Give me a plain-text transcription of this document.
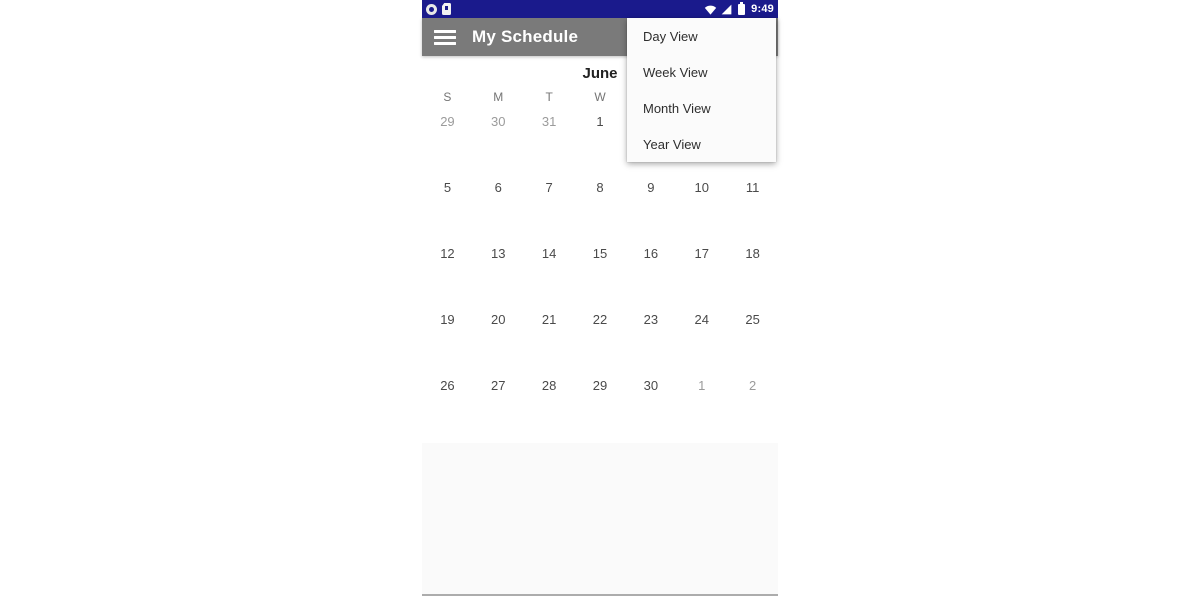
9:49
My Schedule
June
S	M	T	W
29	30	31	1
5	6	7	8	9	10	11
12	13	14	15	16	17	18
19	20	21	22	23	24	25
26	27	28	29	30	1	2
Day View
Week View
Month View
Year View
